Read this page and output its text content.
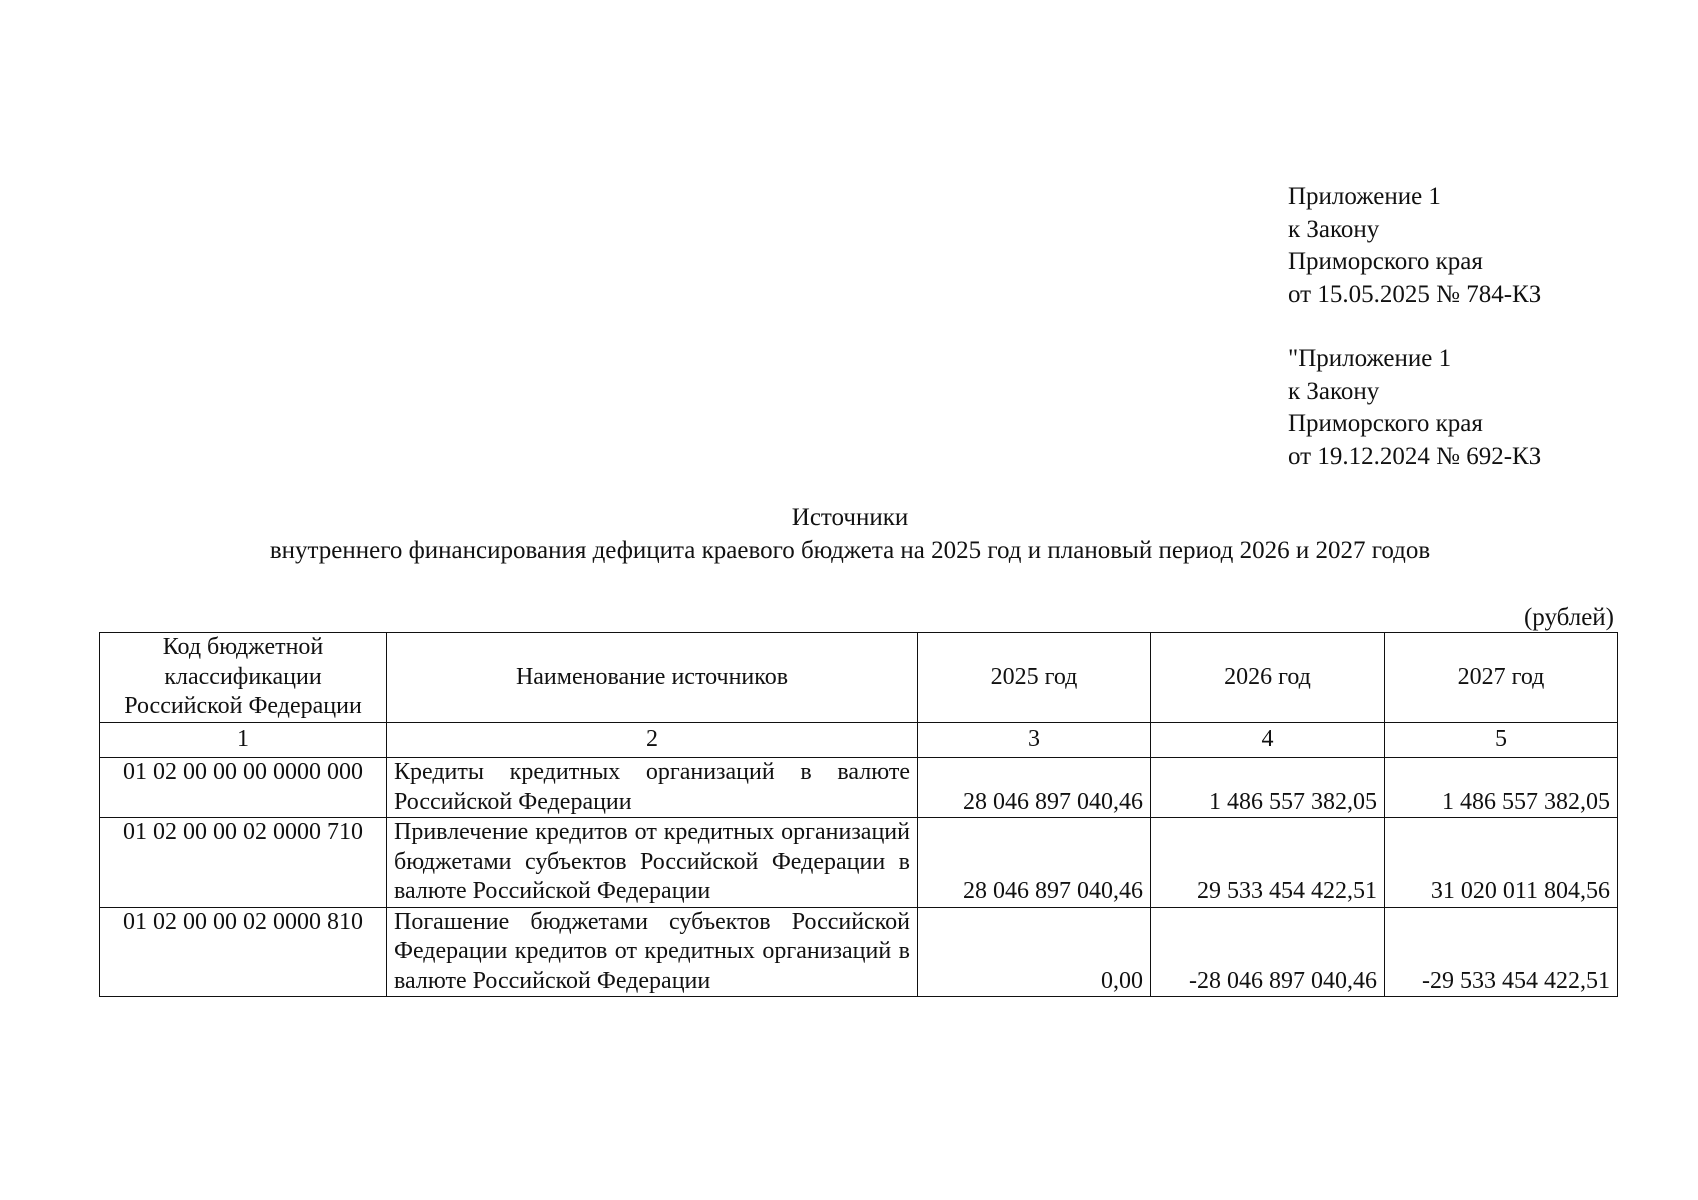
Приложение 1
к Закону
Приморского края
от 15.05.2025 № 784-КЗ
"Приложение 1
к Закону
Приморского края
от 19.12.2024 № 692-КЗ
Источники
внутреннего финансирования дефицита краевого бюджета на 2025 год и плановый период 2026 и 2027 годов
(рублей)
Код бюджетной
классификации
Российской Федерации	Наименование источников	2025 год	2026 год	2027 год
1	2	3	4	5
01 02 00 00 00 0000 000	Кредиты кредитных организаций в валюте Российской Федерации	28 046 897 040,46	1 486 557 382,05	1 486 557 382,05
01 02 00 00 02 0000 710	Привлечение кредитов от кредитных организаций бюджетами субъектов Российской Федерации в валюте Российской Федерации	28 046 897 040,46	29 533 454 422,51	31 020 011 804,56
01 02 00 00 02 0000 810	Погашение бюджетами субъектов Российской Федерации кредитов от кредитных организаций в валюте Российской Федерации	0,00	-28 046 897 040,46	-29 533 454 422,51
